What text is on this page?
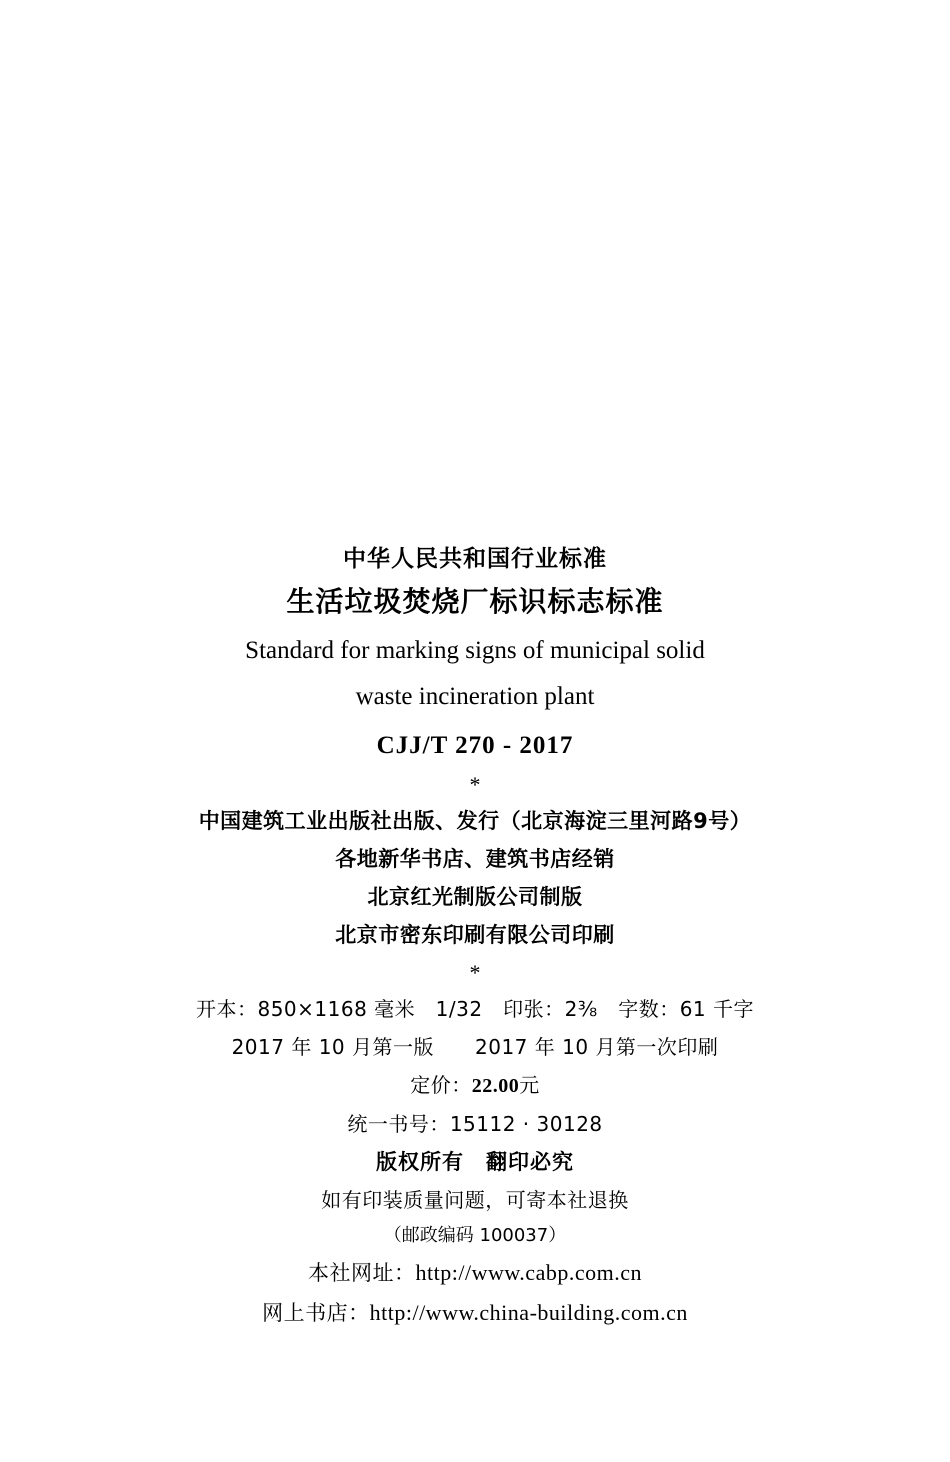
中华人民共和国行业标准
生活垃圾焚烧厂标识标志标准
Standard for marking signs of municipal solid
waste incineration plant
CJJ/T 270 - 2017
*
中国建筑工业出版社出版、发行（北京海淀三里河路9号）
各地新华书店、建筑书店经销
北京红光制版公司制版
北京市密东印刷有限公司印刷
*
开本：850×1168 毫米　1/32　印张：2⅜　字数：61 千字
2017 年 10 月第一版　　2017 年 10 月第一次印刷
定价：22.00元
统一书号：15112 · 30128
版权所有　翻印必究
如有印装质量问题，可寄本社退换
（邮政编码 100037）
本社网址：http://www.cabp.com.cn
网上书店：http://www.china-building.com.cn
